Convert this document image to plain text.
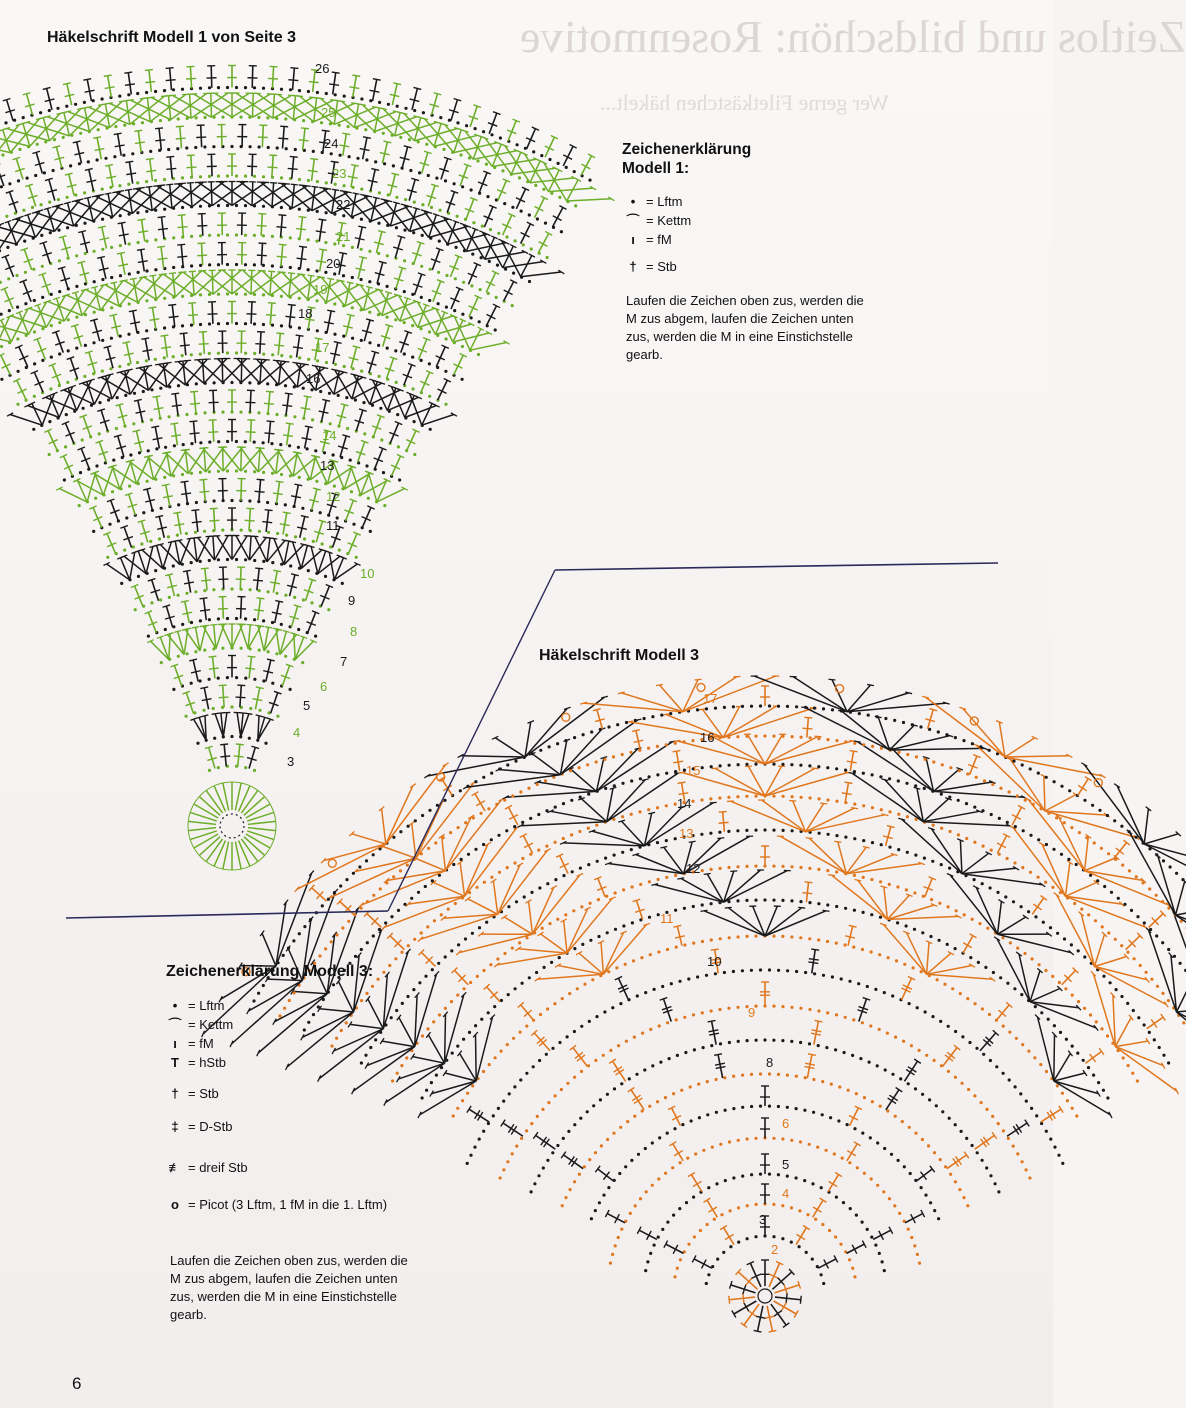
Zeitlos und bildschön: Rosenmotive
Wer gerne Filetkästchen häkelt...
Häkelschrift Modell 1 von Seite 3
26
25
24
23
22
21
20
19
18
17
16
14
13
12
11
10
9
8
7
6
5
4
3
17
16
15
14
13
12
11
10
9
8
6
5
4
3
2
Zeichenerklärung Modell 1:
• = Lftm
⌒ = Kettm
ı = fM
† = Stb
Laufen die Zeichen oben zus, werden die M zus abgem, laufen die Zeichen unten zus, werden die M in eine Einstichstelle gearb.
Häkelschrift Modell 3
Zeichenerklärung Modell 3:
• = Lftm
⌒ = Kettm
ı = fM
T = hStb
† = Stb
‡ = D-Stb
≢ = dreif Stb
o = Picot (3 Lftm, 1 fM in die 1. Lftm)
Laufen die Zeichen oben zus, werden die M zus abgem, laufen die Zeichen unten zus, werden die M in eine Einstichstelle gearb.
6
